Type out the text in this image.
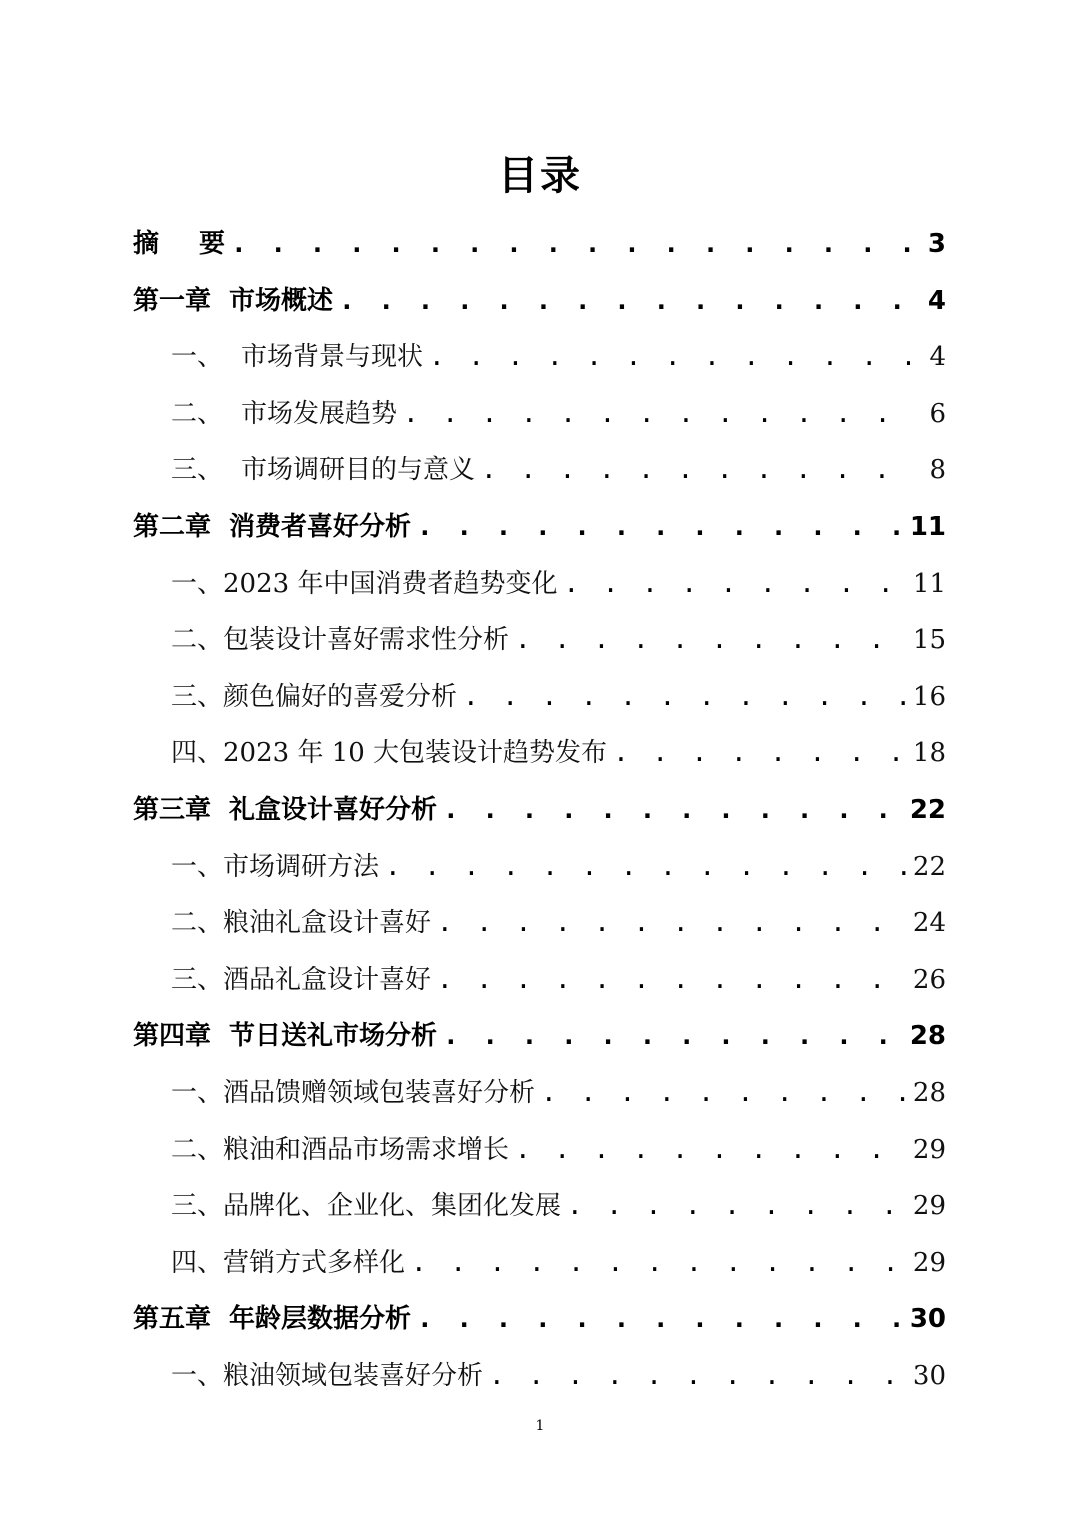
目录
摘 要 . . .	3
第一章 市场概述 . . .	4
一、 市场背景与现状 . . .	4
二、 市场发展趋势 . . .	6
三、 市场调研目的与意义 . . .	8
第二章 消费者喜好分析 . . .	11
一、2023 年中国消费者趋势变化 . . .	11
二、包装设计喜好需求性分析 . . .	15
三、颜色偏好的喜爱分析 . . .	16
四、2023 年 10 大包装设计趋势发布 . . .	18
第三章 礼盒设计喜好分析 . . .	22
一、市场调研方法 . . .	22
二、粮油礼盒设计喜好 . . .	24
三、酒品礼盒设计喜好 . . .	26
第四章 节日送礼市场分析 . . .	28
一、酒品馈赠领域包装喜好分析 . . .	28
二、粮油和酒品市场需求增长 . . .	29
三、品牌化、企业化、集团化发展 . . .	29
四、营销方式多样化 . . .	29
第五章 年龄层数据分析 . . .	30
一、粮油领域包装喜好分析 . . .	30
1
